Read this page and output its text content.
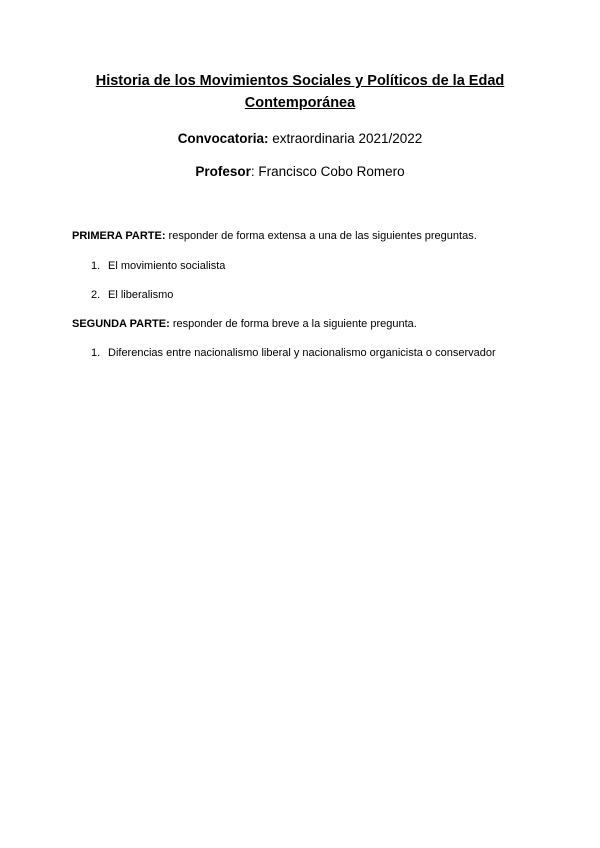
Historia de los Movimientos Sociales y Políticos de la Edad
Contemporánea
Convocatoria: extraordinaria 2021/2022
Profesor: Francisco Cobo Romero
PRIMERA PARTE: responder de forma extensa a una de las siguientes preguntas.
1. El movimiento socialista
2. El liberalismo
SEGUNDA PARTE: responder de forma breve a la siguiente pregunta.
1. Diferencias entre nacionalismo liberal y nacionalismo organicista o conservador
